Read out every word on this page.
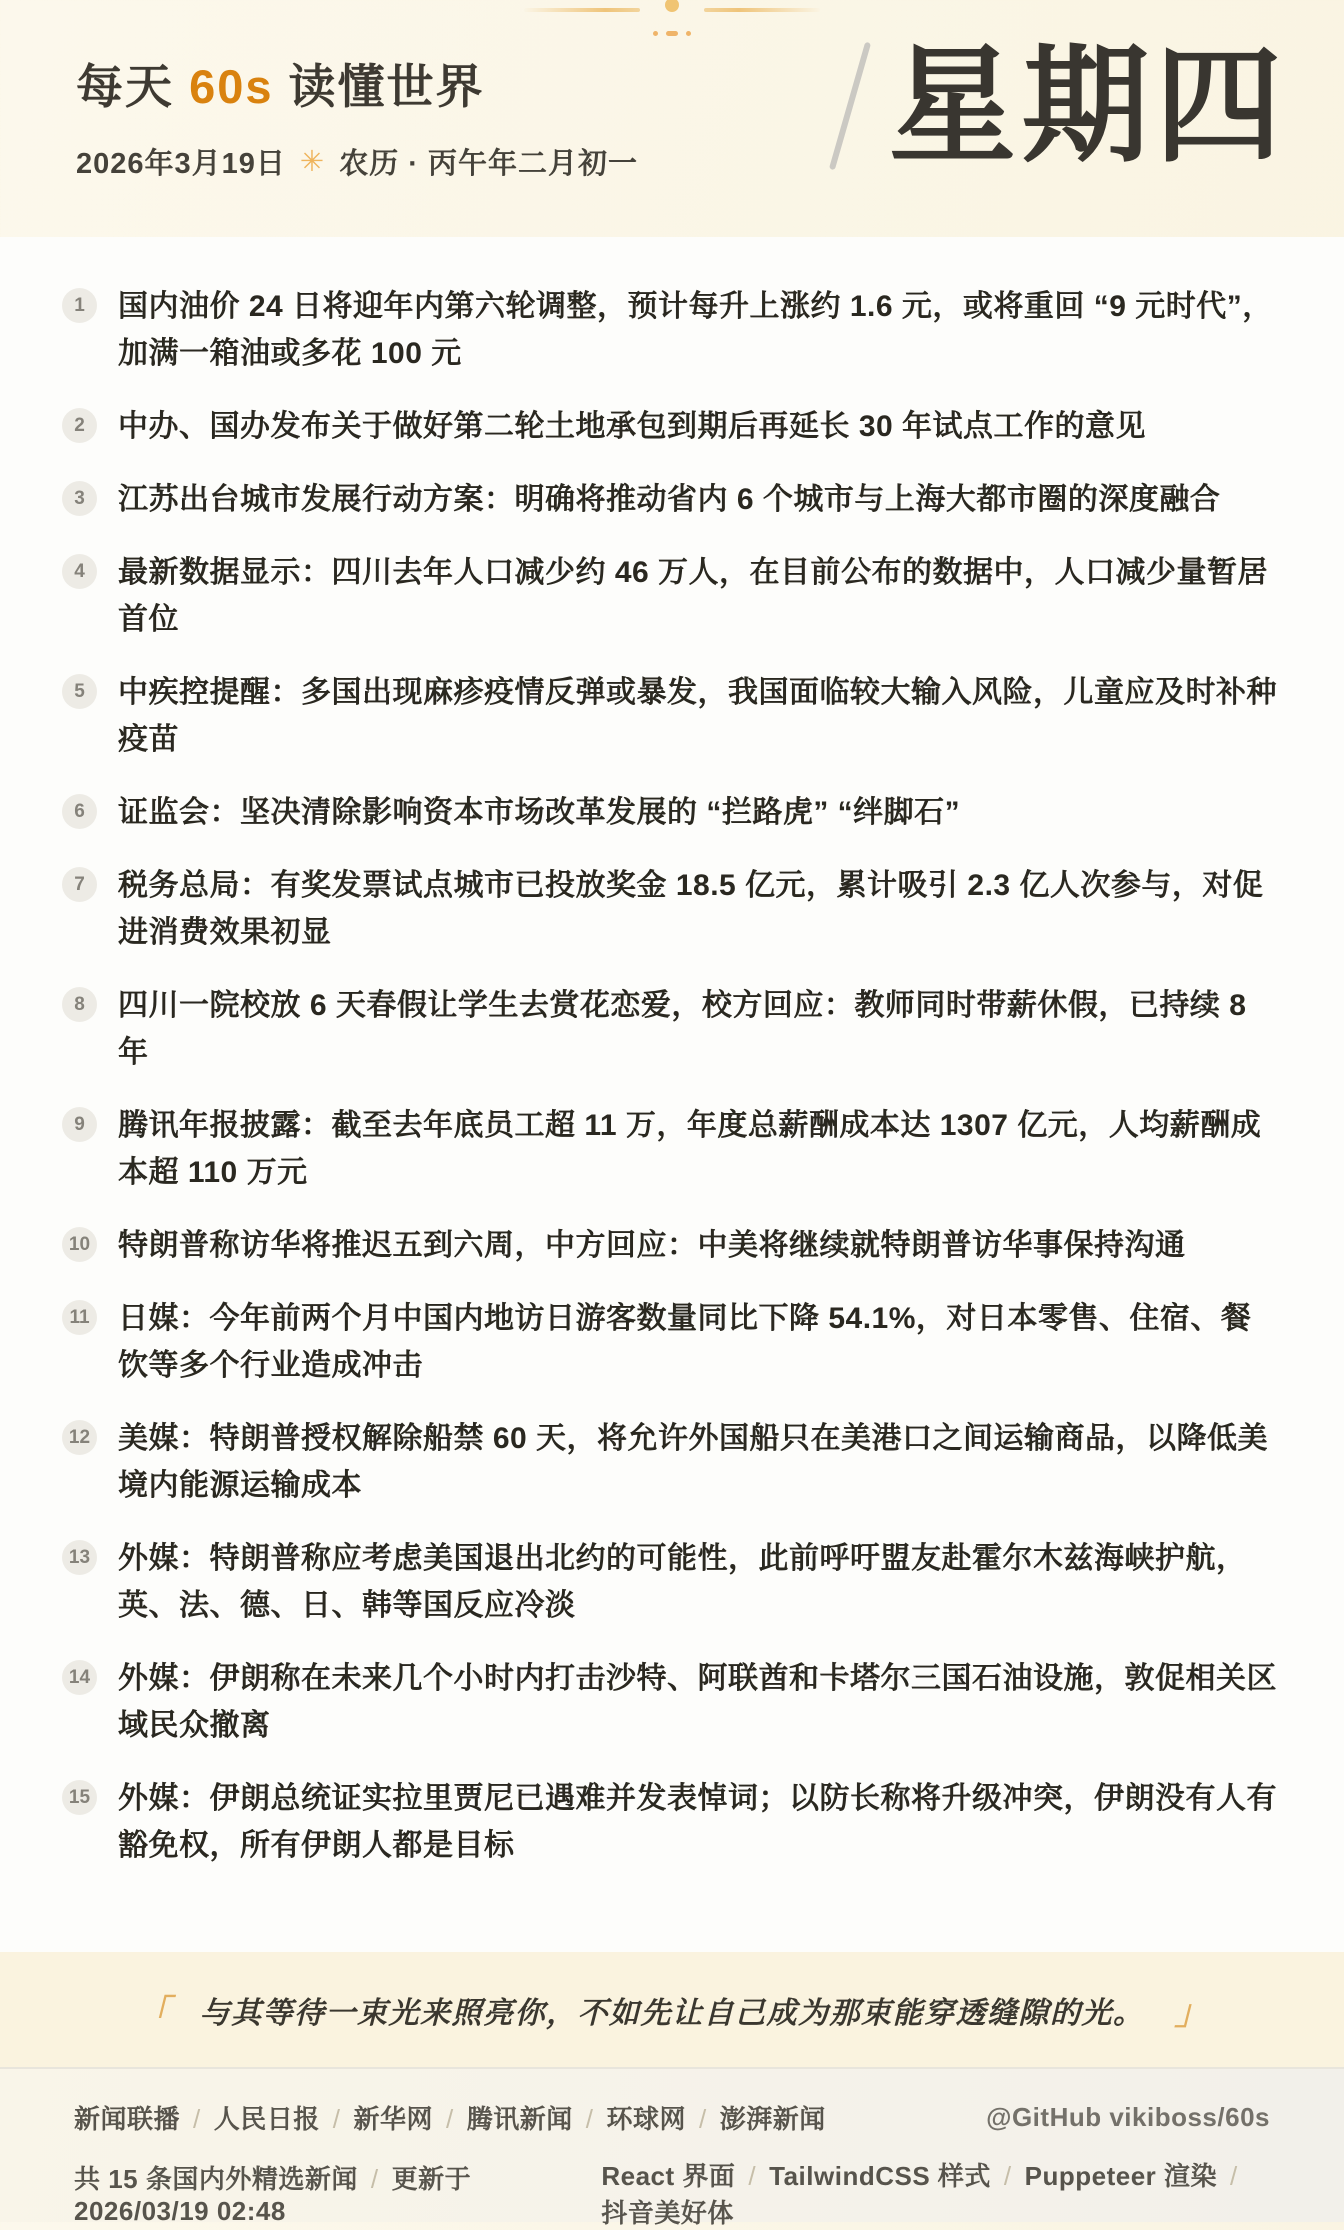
每天 60s 读懂世界
2026年3月19日 ✳ 农历 · 丙午年二月初一 星期四
1	国内油价 24 日将迎年内第六轮调整，预计每升上涨约 1.6 元，或将重回 “9 元时代”，加满一箱油或多花 100 元

2	中办、国办发布关于做好第二轮土地承包到期后再延长 30 年试点工作的意见

3	江苏出台城市发展行动方案：明确将推动省内 6 个城市与上海大都市圈的深度融合

4	最新数据显示：四川去年人口减少约 46 万人，在目前公布的数据中，人口减少量暂居首位

5	中疾控提醒：多国出现麻疹疫情反弹或暴发，我国面临较大输入风险，儿童应及时补种疫苗

6	证监会：坚决清除影响资本市场改革发展的 “拦路虎” “绊脚石”

7	税务总局：有奖发票试点城市已投放奖金 18.5 亿元，累计吸引 2.3 亿人次参与，对促进消费效果初显

8	四川一院校放 6 天春假让学生去赏花恋爱，校方回应：教师同时带薪休假，已持续 8 年

9	腾讯年报披露：截至去年底员工超 11 万，年度总薪酬成本达 1307 亿元，人均薪酬成本超 110 万元

10 特朗普称访华将推迟五到六周，中方回应：中美将继续就特朗普访华事保持沟通

11 日媒：今年前两个月中国内地访日游客数量同比下降 54.1%，对日本零售、住宿、餐饮等多个行业造成冲击

12 美媒：特朗普授权解除船禁 60 天，将允许外国船只在美港口之间运输商品，以降低美境内能源运输成本

13 外媒：特朗普称应考虑美国退出北约的可能性，此前呼吁盟友赴霍尔木兹海峡护航，英、法、德、日、韩等国反应冷淡

14 外媒：伊朗称在未来几个小时内打击沙特、阿联酋和卡塔尔三国石油设施，敦促相关区域民众撤离

15 外媒：伊朗总统证实拉里贾尼已遇难并发表悼词；以防长称将升级冲突，伊朗没有人有豁免权，所有伊朗人都是目标

「 与其等待一束光来照亮你，不如先让自己成为那束能穿透缝隙的光。 」
新闻联播 / 人民日报 / 新华网 / 腾讯新闻 / 环球网 / 澎湃新闻	@GitHub vikiboss/60s
共 15 条国内外精选新闻 / 更新于 2026/03/19 02:48
React 界面 / TailwindCSS 样式 / Puppeteer 渲染 /抖音美好体
